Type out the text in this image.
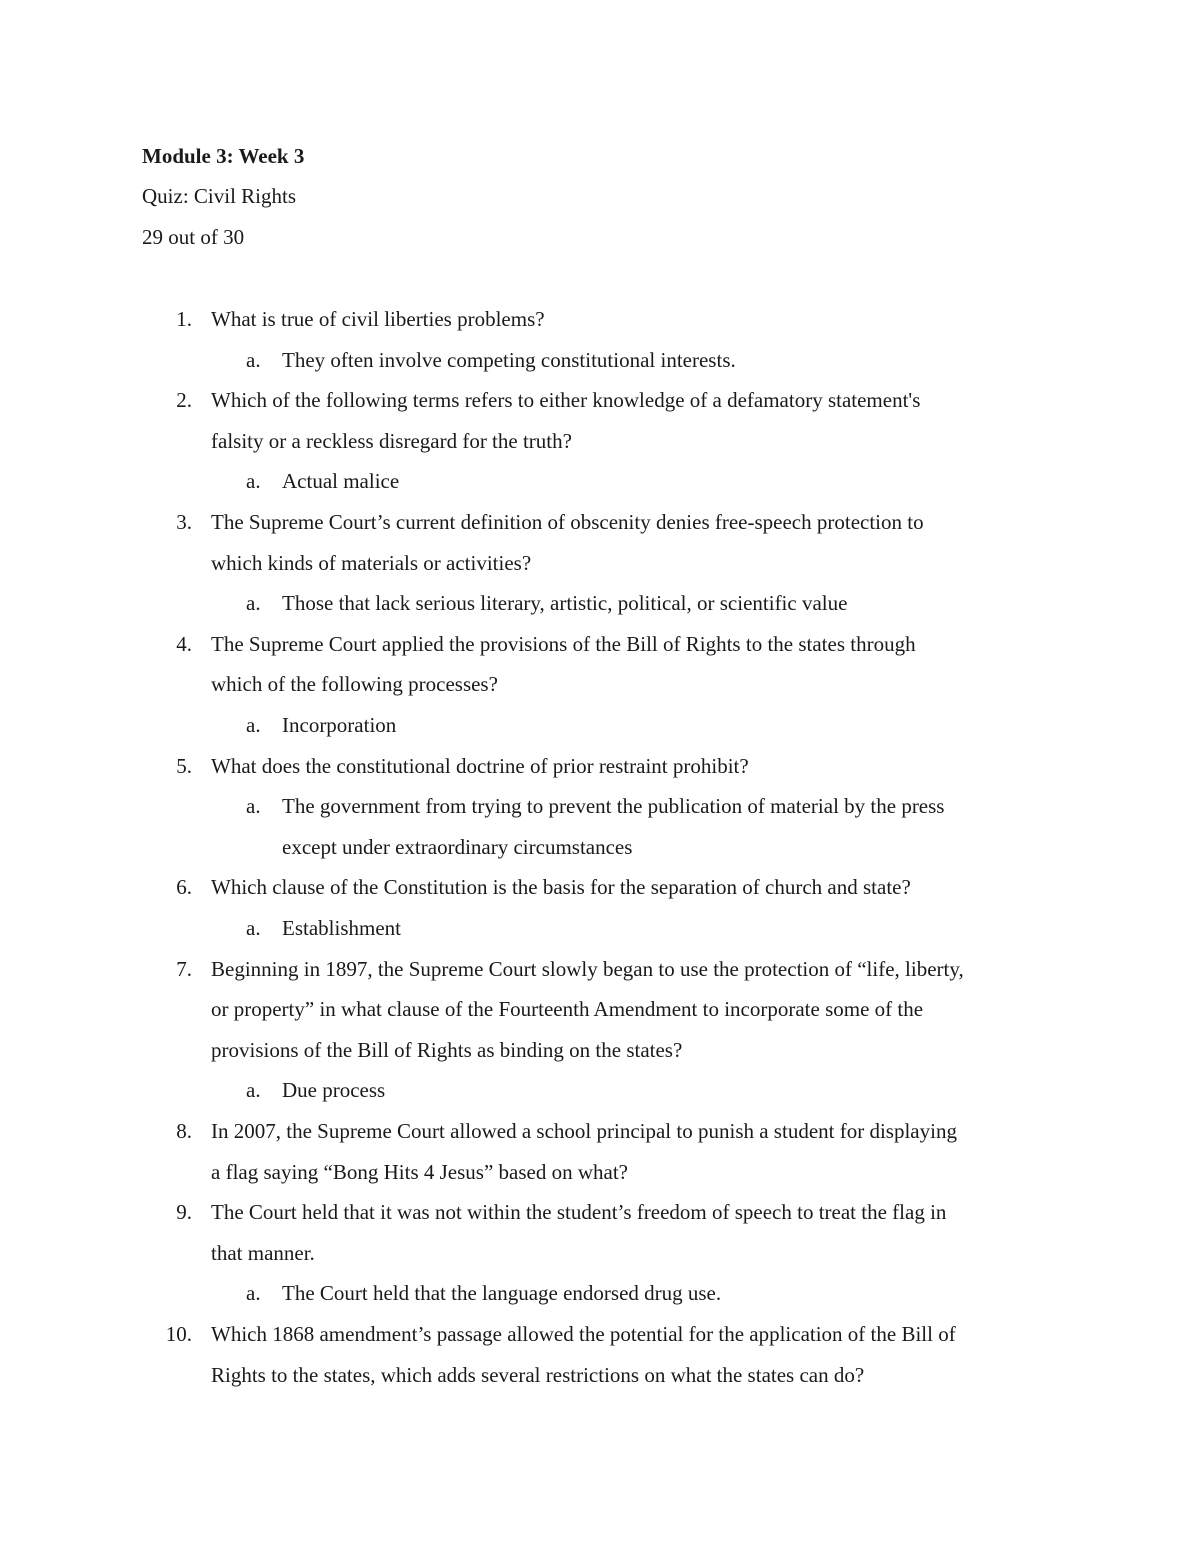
Module 3: Week 3
Quiz: Civil Rights
29 out of 30
1. What is true of civil liberties problems?
a. They often involve competing constitutional interests.
2. Which of the following terms refers to either knowledge of a defamatory statement's
falsity or a reckless disregard for the truth?
a. Actual malice
3. The Supreme Court’s current definition of obscenity denies free-speech protection to
which kinds of materials or activities?
a. Those that lack serious literary, artistic, political, or scientific value
4. The Supreme Court applied the provisions of the Bill of Rights to the states through
which of the following processes?
a. Incorporation
5. What does the constitutional doctrine of prior restraint prohibit?
a. The government from trying to prevent the publication of material by the press
except under extraordinary circumstances
6. Which clause of the Constitution is the basis for the separation of church and state?
a. Establishment
7. Beginning in 1897, the Supreme Court slowly began to use the protection of “life, liberty,
or property” in what clause of the Fourteenth Amendment to incorporate some of the
provisions of the Bill of Rights as binding on the states?
a. Due process
8. In 2007, the Supreme Court allowed a school principal to punish a student for displaying
a flag saying “Bong Hits 4 Jesus” based on what?
9. The Court held that it was not within the student’s freedom of speech to treat the flag in
that manner.
a. The Court held that the language endorsed drug use.
10. Which 1868 amendment’s passage allowed the potential for the application of the Bill of
Rights to the states, which adds several restrictions on what the states can do?
